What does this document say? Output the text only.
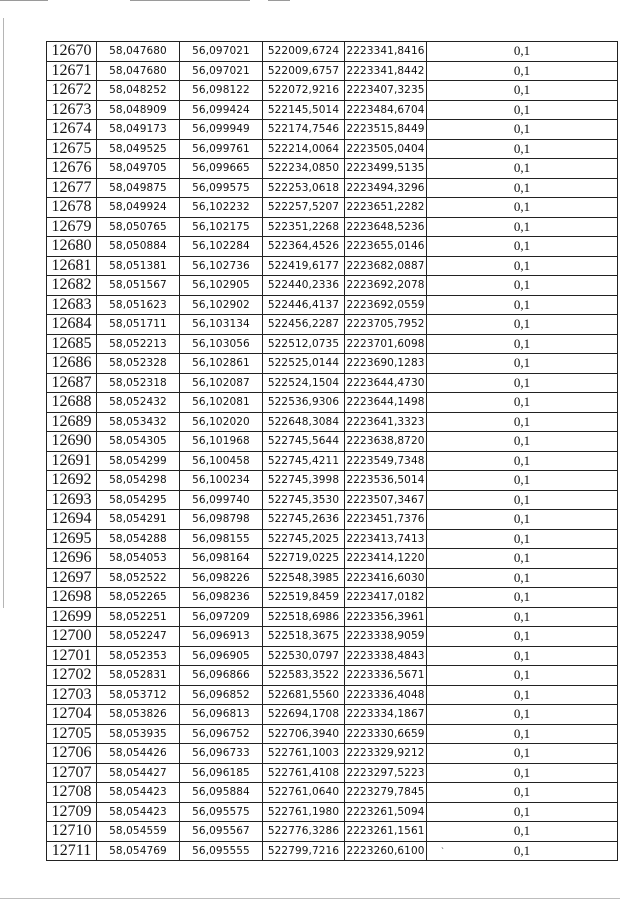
12670	58,047680	56,097021	522009,6724	2223341,8416	0,1
12671	58,047680	56,097021	522009,6757	2223341,8442	0,1
12672	58,048252	56,098122	522072,9216	2223407,3235	0,1
12673	58,048909	56,099424	522145,5014	2223484,6704	0,1
12674	58,049173	56,099949	522174,7546	2223515,8449	0,1
12675	58,049525	56,099761	522214,0064	2223505,0404	0,1
12676	58,049705	56,099665	522234,0850	2223499,5135	0,1
12677	58,049875	56,099575	522253,0618	2223494,3296	0,1
12678	58,049924	56,102232	522257,5207	2223651,2282	0,1
12679	58,050765	56,102175	522351,2268	2223648,5236	0,1
12680	58,050884	56,102284	522364,4526	2223655,0146	0,1
12681	58,051381	56,102736	522419,6177	2223682,0887	0,1
12682	58,051567	56,102905	522440,2336	2223692,2078	0,1
12683	58,051623	56,102902	522446,4137	2223692,0559	0,1
12684	58,051711	56,103134	522456,2287	2223705,7952	0,1
12685	58,052213	56,103056	522512,0735	2223701,6098	0,1
12686	58,052328	56,102861	522525,0144	2223690,1283	0,1
12687	58,052318	56,102087	522524,1504	2223644,4730	0,1
12688	58,052432	56,102081	522536,9306	2223644,1498	0,1
12689	58,053432	56,102020	522648,3084	2223641,3323	0,1
12690	58,054305	56,101968	522745,5644	2223638,8720	0,1
12691	58,054299	56,100458	522745,4211	2223549,7348	0,1
12692	58,054298	56,100234	522745,3998	2223536,5014	0,1
12693	58,054295	56,099740	522745,3530	2223507,3467	0,1
12694	58,054291	56,098798	522745,2636	2223451,7376	0,1
12695	58,054288	56,098155	522745,2025	2223413,7413	0,1
12696	58,054053	56,098164	522719,0225	2223414,1220	0,1
12697	58,052522	56,098226	522548,3985	2223416,6030	0,1
12698	58,052265	56,098236	522519,8459	2223417,0182	0,1
12699	58,052251	56,097209	522518,6986	2223356,3961	0,1
12700	58,052247	56,096913	522518,3675	2223338,9059	0,1
12701	58,052353	56,096905	522530,0797	2223338,4843	0,1
12702	58,052831	56,096866	522583,3522	2223336,5671	0,1
12703	58,053712	56,096852	522681,5560	2223336,4048	0,1
12704	58,053826	56,096813	522694,1708	2223334,1867	0,1
12705	58,053935	56,096752	522706,3940	2223330,6659	0,1
12706	58,054426	56,096733	522761,1003	2223329,9212	0,1
12707	58,054427	56,096185	522761,4108	2223297,5223	0,1
12708	58,054423	56,095884	522761,0640	2223279,7845	0,1
12709	58,054423	56,095575	522761,1980	2223261,5094	0,1
12710	58,054559	56,095567	522776,3286	2223261,1561	0,1
12711	58,054769	56,095555	522799,7216	2223260,6100	0,1
`
